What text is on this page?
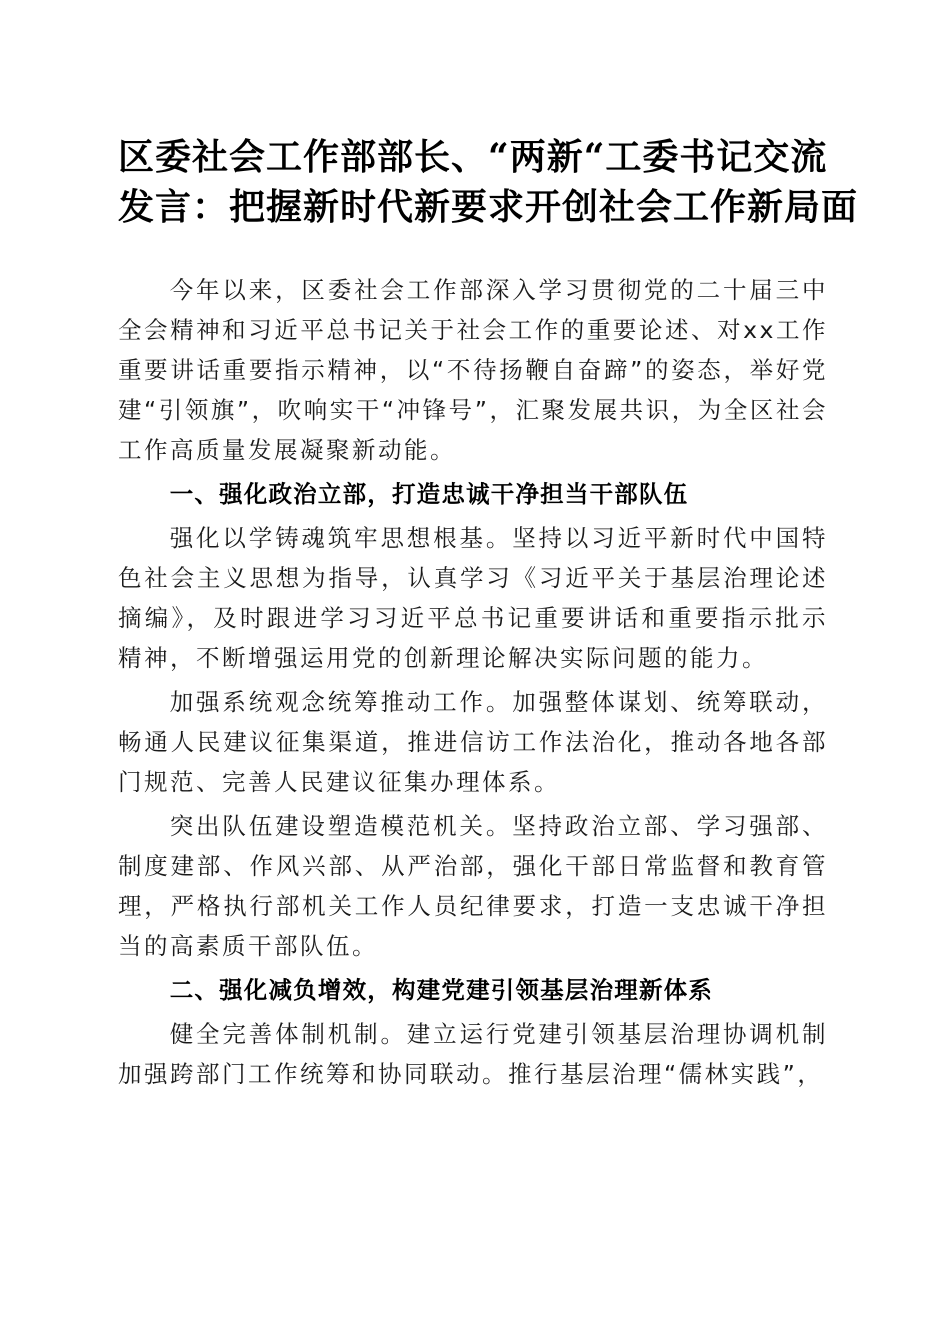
区委社会工作部部长、“两新“工委书记交流
发言：把握新时代新要求开创社会工作新局面

今年以来，区委社会工作部深入学习贯彻党的二十届三中全会精神和习近平总书记关于社会工作的重要论述、对xx工作重要讲话重要指示精神，以“不待扬鞭自奋蹄”的姿态，举好党建“引领旗”，吹响实干“冲锋号”，汇聚发展共识，为全区社会工作高质量发展凝聚新动能。

一、强化政治立部，打造忠诚干净担当干部队伍

强化以学铸魂筑牢思想根基。坚持以习近平新时代中国特色社会主义思想为指导，认真学习《习近平关于基层治理论述摘编》，及时跟进学习习近平总书记重要讲话和重要指示批示精神，不断增强运用党的创新理论解决实际问题的能力。

加强系统观念统筹推动工作。加强整体谋划、统筹联动，畅通人民建议征集渠道，推进信访工作法治化，推动各地各部门规范、完善人民建议征集办理体系。

突出队伍建设塑造模范机关。坚持政治立部、学习强部、制度建部、作风兴部、从严治部，强化干部日常监督和教育管理，严格执行部机关工作人员纪律要求，打造一支忠诚干净担当的高素质干部队伍。

二、强化减负增效，构建党建引领基层治理新体系

健全完善体制机制。建立运行党建引领基层治理协调机制加强跨部门工作统筹和协同联动。推行基层治理“儒林实践”，
